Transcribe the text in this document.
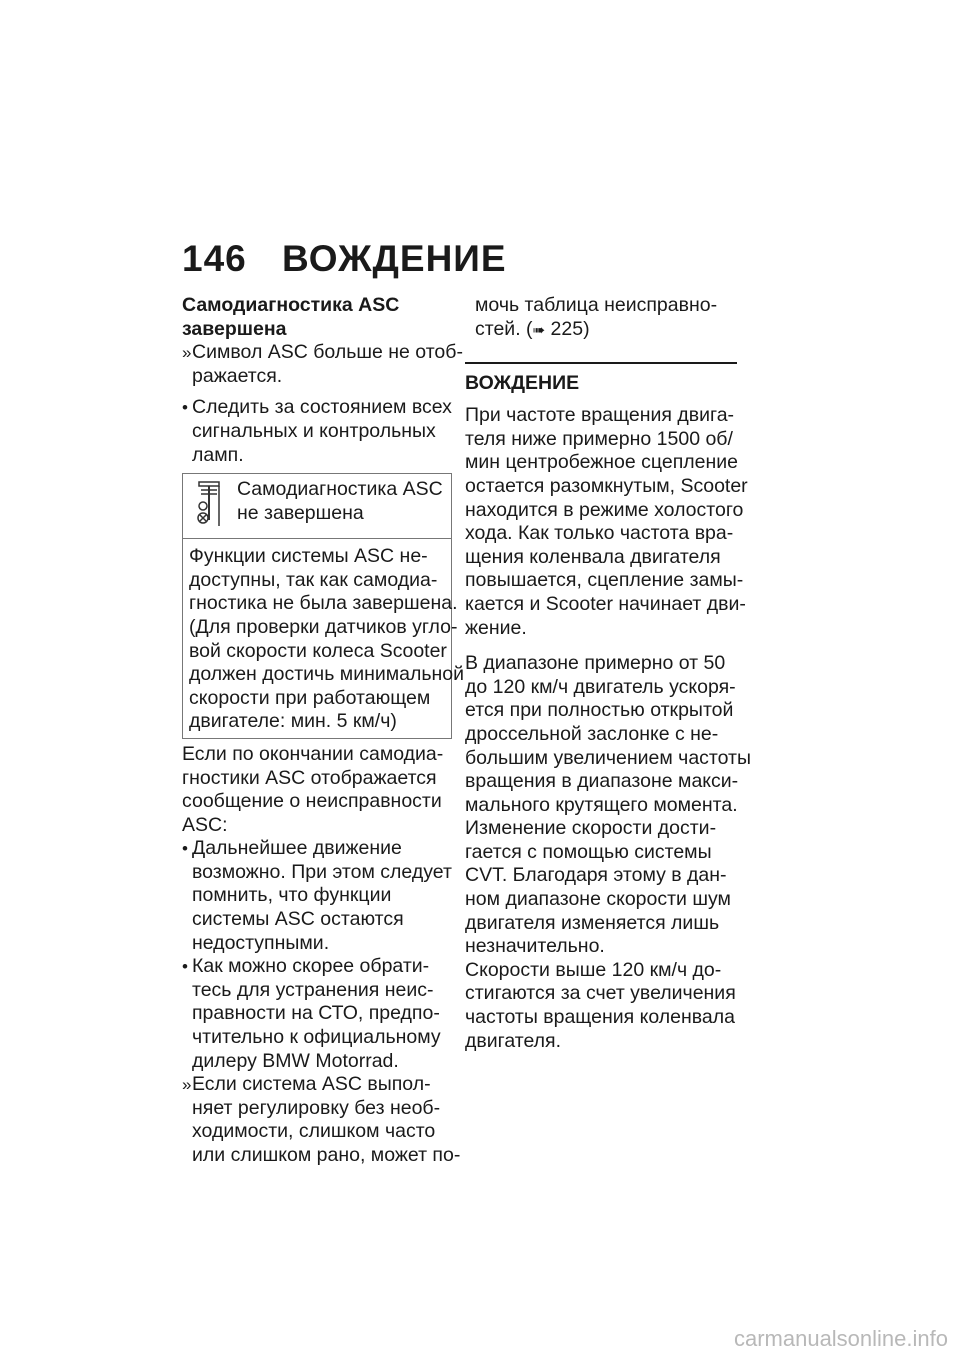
146 ВОЖДЕНИЕ
Самодиагностика ASC
завершена
» Символ ASC больше не отоб-
ражается.
• Следить за состоянием всех
сигнальных и контрольных
ламп.
Самодиагностика ASC
не завершена
Функции системы ASC не-
доступны, так как самодиа-
гностика не была завершена.
(Для проверки датчиков угло-
вой скорости колеса Scooter
должен достичь минимальной
скорости при работающем
двигателе: мин. 5 км/ч)
Если по окончании самодиа-
гностики ASC отображается
сообщение о неисправности
ASC:
• Дальнейшее движение
возможно. При этом следует
помнить, что функции
системы ASC остаются
недоступными.
• Как можно скорее обрати-
тесь для устранения неис-
правности на СТО, предпо-
чтительно к официальному
дилеру BMW Motorrad.
» Если система ASC выпол-
няет регулировку без необ-
ходимости, слишком часто
или слишком рано, может по-
мочь таблица неисправно-
стей. (➠ 225)
ВОЖДЕНИЕ
При частоте вращения двига-
теля ниже примерно 1500 об/
мин центробежное сцепление
остается разомкнутым, Scooter
находится в режиме холостого
хода. Как только частота вра-
щения коленвала двигателя
повышается, сцепление замы-
кается и Scooter начинает дви-
жение.
В диапазоне примерно от 50
до 120 км/ч двигатель ускоря-
ется при полностью открытой
дроссельной заслонке с не-
большим увеличением частоты
вращения в диапазоне макси-
мального крутящего момента.
Изменение скорости дости-
гается с помощью системы
CVT. Благодаря этому в дан-
ном диапазоне скорости шум
двигателя изменяется лишь
незначительно.
Скорости выше 120 км/ч до-
стигаются за счет увеличения
частоты вращения коленвала
двигателя.
carmanualsonline.info
